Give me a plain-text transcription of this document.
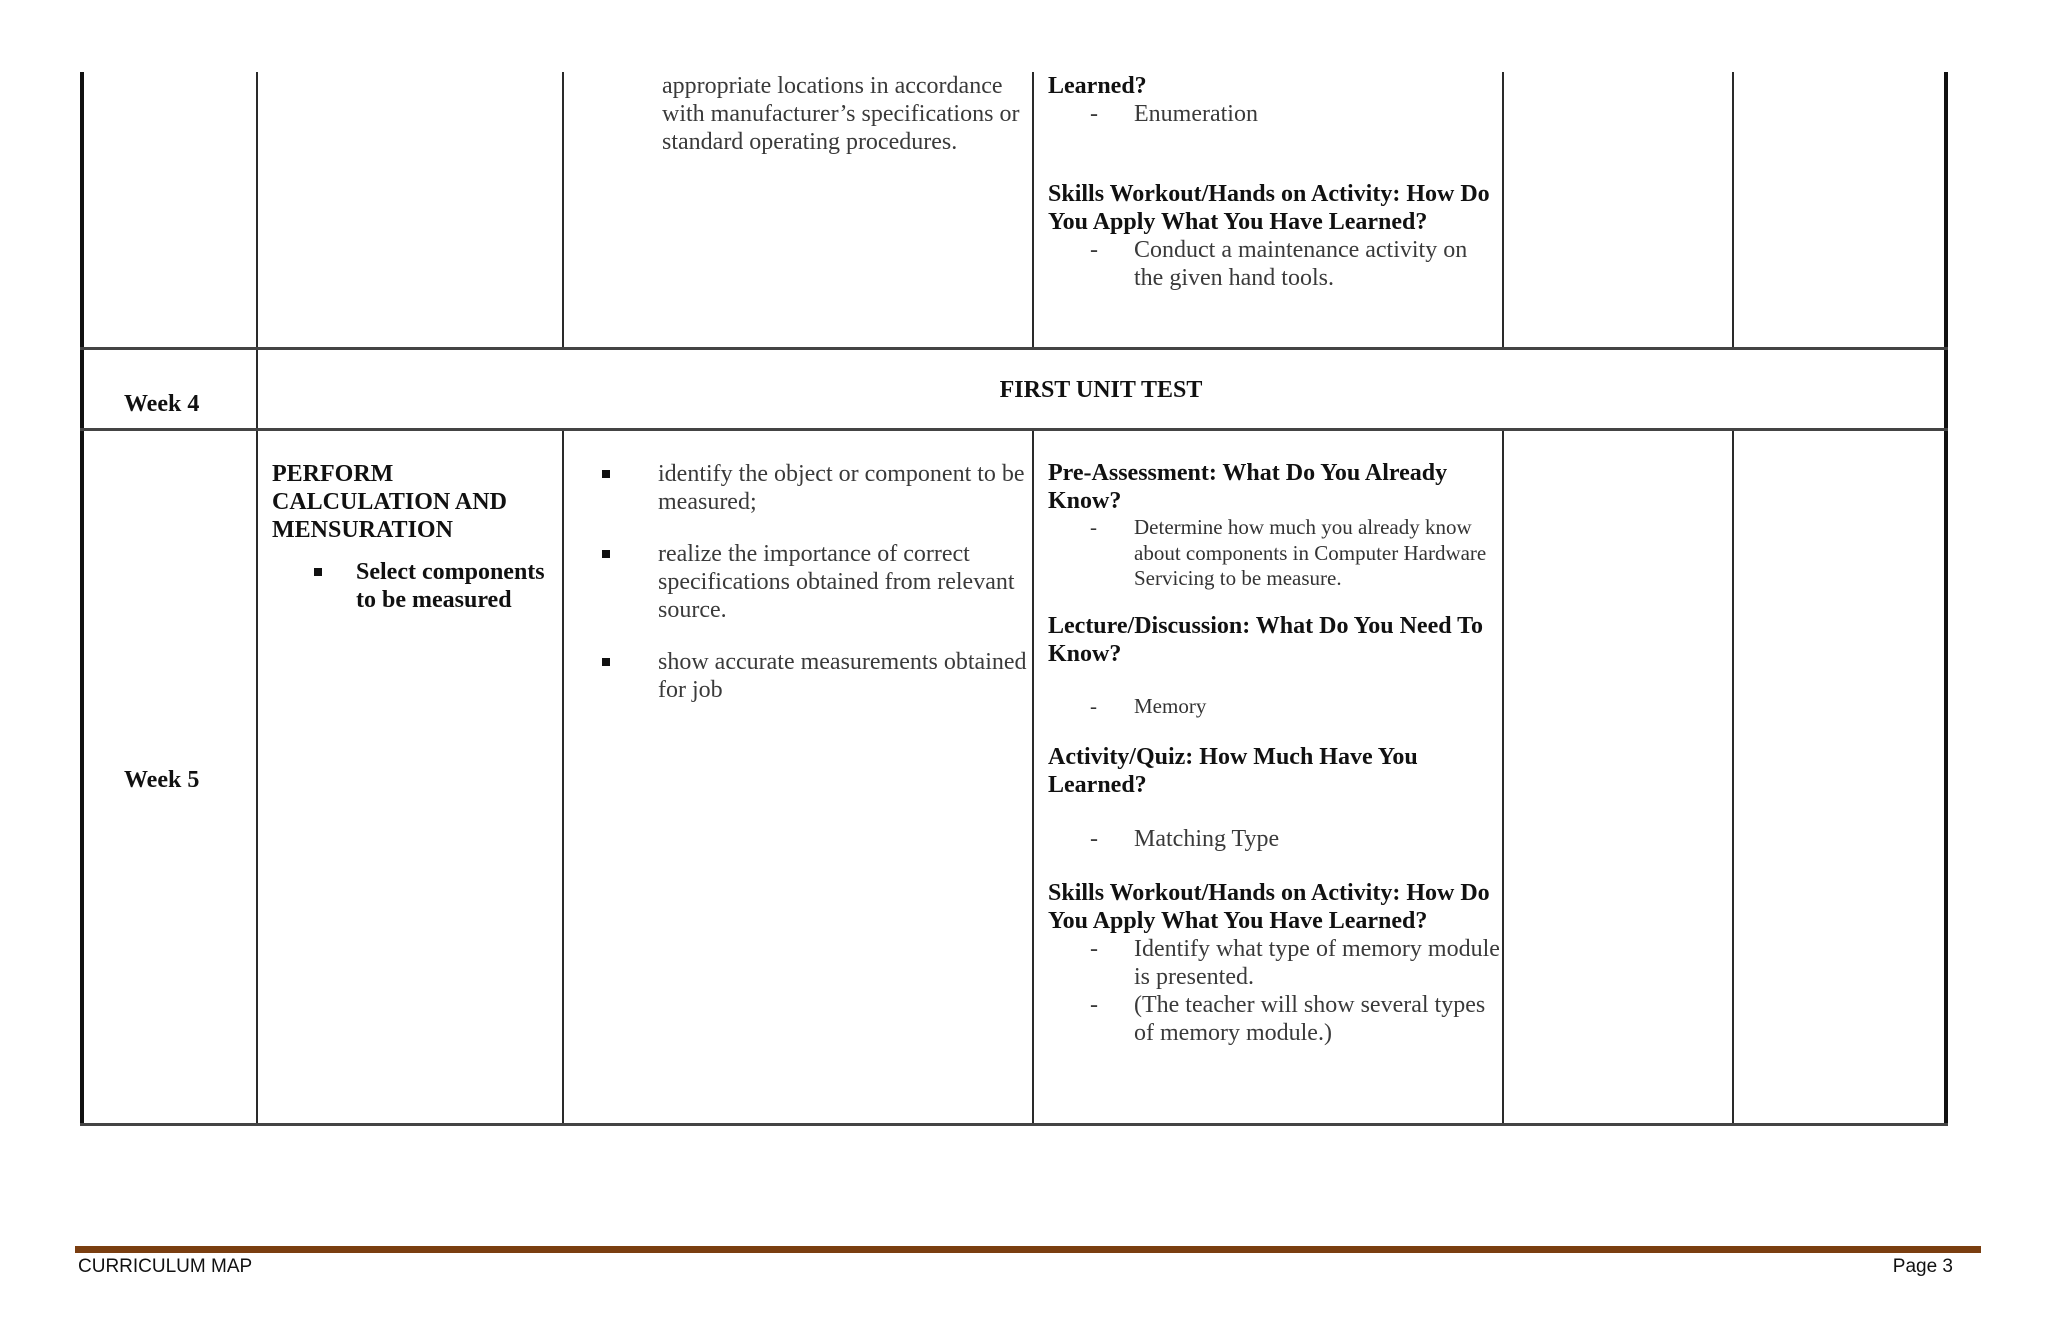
appropriate locations in accordance with manufacturer’s specifications or standard operating procedures.
Learned?
- Enumeration
Skills Workout/Hands on Activity: How Do You Apply What You Have Learned?
- Conduct a maintenance activity on the given hand tools.
Week 4
FIRST UNIT TEST
Week 5
PERFORM CALCULATION AND MENSURATION
Select components to be measured
identify the object or component to be measured;
realize the importance of correct specifications obtained from relevant source.
show accurate measurements obtained for job
Pre-Assessment: What Do You Already Know?
- Determine how much you already know about components in Computer Hardware Servicing to be measure.
Lecture/Discussion: What Do You Need To Know?
- Memory
Activity/Quiz: How Much Have You Learned?
- Matching Type
Skills Workout/Hands on Activity: How Do You Apply What You Have Learned?
- Identify what type of memory module is presented.
- (The teacher will show several types of memory module.)
CURRICULUM MAP	Page 3
